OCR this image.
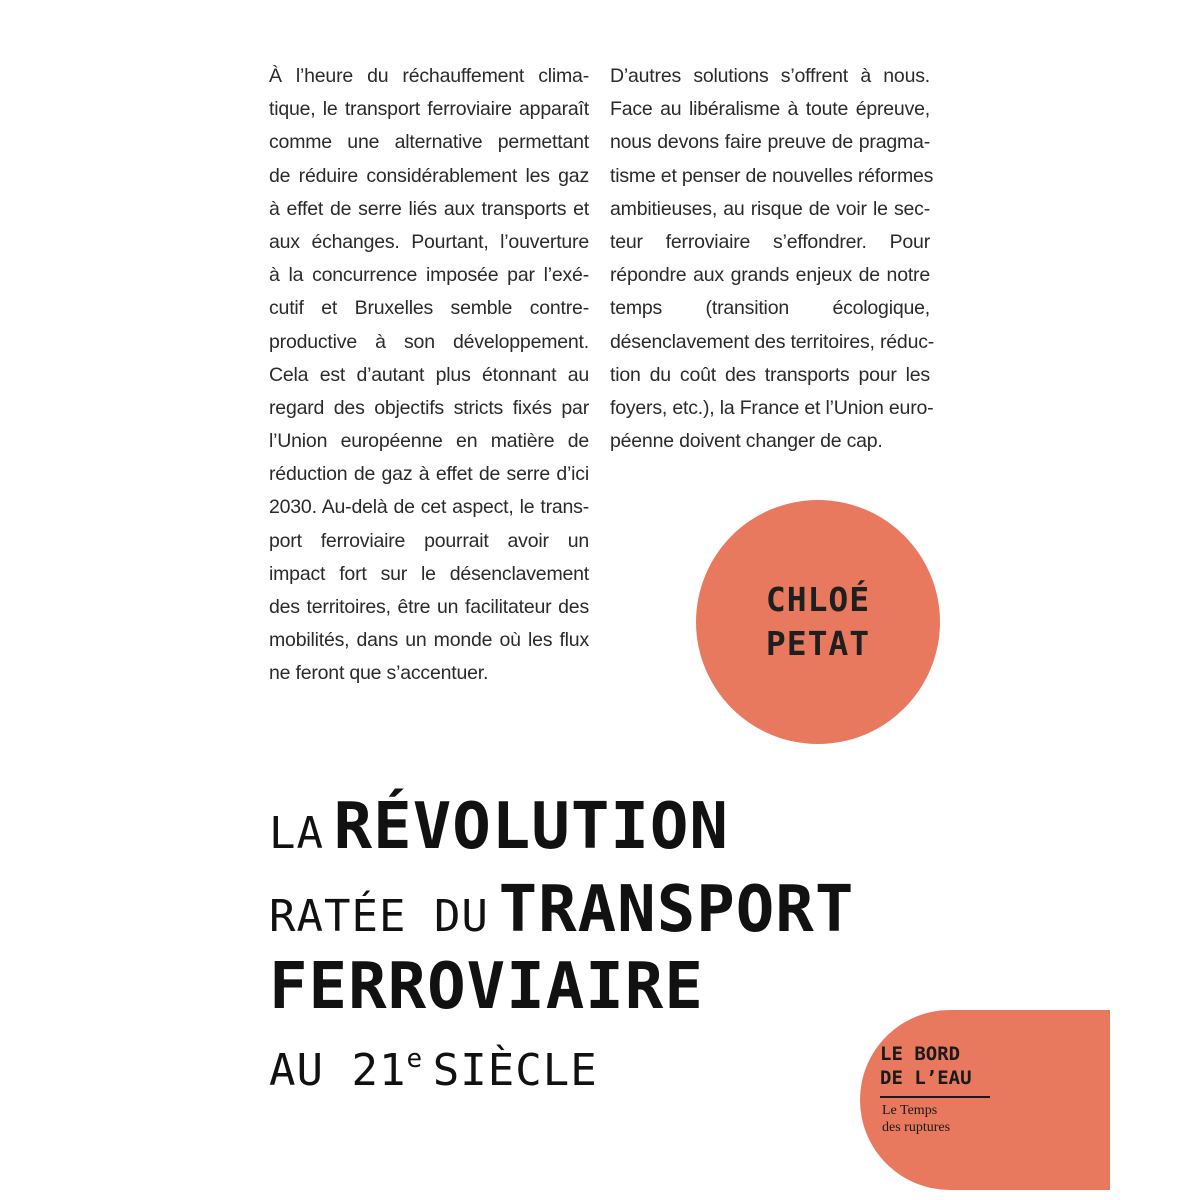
À l’heure du réchauffement clima-
tique, le transport ferroviaire apparaît
comme une alternative permettant
de réduire considérablement les gaz
à effet de serre liés aux transports et
aux échanges. Pourtant, l’ouverture
à la concurrence imposée par l’exé-
cutif et Bruxelles semble contre-
productive à son développement.
Cela est d’autant plus étonnant au
regard des objectifs stricts fixés par
l’Union européenne en matière de
réduction de gaz à effet de serre d’ici
2030. Au-delà de cet aspect, le trans-
port ferroviaire pourrait avoir un
impact fort sur le désenclavement
des territoires, être un facilitateur des
mobilités, dans un monde où les flux
ne feront que s’accentuer.
D’autres solutions s’offrent à nous.
Face au libéralisme à toute épreuve,
nous devons faire preuve de pragma-
tisme et penser de nouvelles réformes
ambitieuses, au risque de voir le sec-
teur ferroviaire s’effondrer. Pour
répondre aux grands enjeux de notre
temps (transition écologique,
désenclavement des territoires, réduc-
tion du coût des transports pour les
foyers, etc.), la France et l’Union euro-
péenne doivent changer de cap.
CHLOÉ
PETAT
LA RÉVOLUTION
RATÉE DU TRANSPORT
FERROVIAIRE
AU 21e SIÈCLE	LE BORD
DE L’EAU
Le Temps
des ruptures
